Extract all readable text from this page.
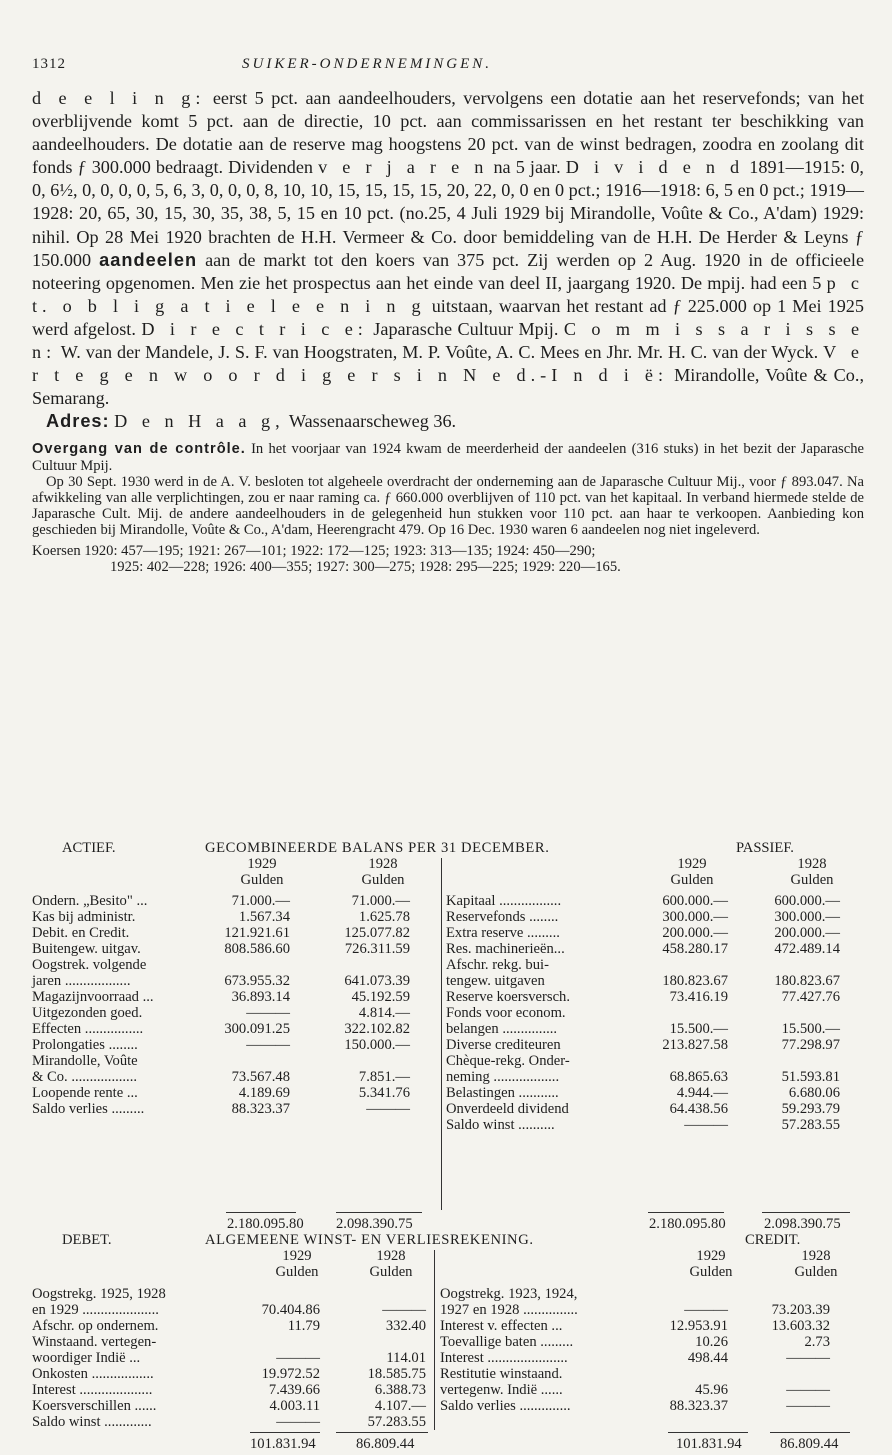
1312	SUIKER-ONDERNEMINGEN.

d e e l i n g: eerst 5 pct. aan aandeelhouders, vervolgens een dotatie aan het reservefonds; van het overblijvende komt 5 pct. aan de directie, 10 pct. aan commissarissen en het restant ter beschikking van aandeelhouders. De dotatie aan de reserve mag hoogstens 20 pct. van de winst bedragen, zoodra en zoolang dit fonds ƒ 300.000 bedraagt. Dividenden v e r j a r e n na 5 jaar. D i v i d e n d 1891—1915: 0, 0, 6½, 0, 0, 0, 0, 5, 6, 3, 0, 0, 0, 8, 10, 10, 15, 15, 15, 15, 20, 22, 0, 0 en 0 pct.; 1916—1918: 6, 5 en 0 pct.; 1919—1928: 20, 65, 30, 15, 30, 35, 38, 5, 15 en 10 pct. (no.25, 4 Juli 1929 bij Mirandolle, Voûte & Co., A'dam) 1929: nihil. Op 28 Mei 1920 brachten de H.H. Vermeer & Co. door bemiddeling van de H.H. De Herder & Leyns ƒ 150.000 aandeelen aan de markt tot den koers van 375 pct. Zij werden op 2 Aug. 1920 in de officieele noteering opgenomen. Men zie het prospectus aan het einde van deel II, jaargang 1920. De mpij. had een 5 p c t. o b l i g a t i e l e e n i n g uitstaan, waarvan het restant ad ƒ 225.000 op 1 Mei 1925 werd afgelost. D i r e c t r i c e: Japarasche Cultuur Mpij. C o m m i s s a r i s s e n: W. van der Mandele, J. S. F. van Hoogstraten, M. P. Voûte, A. C. Mees en Jhr. Mr. H. C. van der Wyck. V e r t e g e n w o o r d i g e r s i n N e d.-I n d i ë: Mirandolle, Voûte & Co., Semarang.

Adres: D e n H a a g, Wassenaarscheweg 36.

Overgang van de contrôle. In het voorjaar van 1924 kwam de meerderheid der aandeelen (316 stuks) in het bezit der Japarasche Cultuur Mpij.

Op 30 Sept. 1930 werd in de A. V. besloten tot algeheele overdracht der onderneming aan de Japarasche Cultuur Mij., voor ƒ 893.047. Na afwikkeling van alle verplichtingen, zou er naar raming ca. ƒ 660.000 overblijven of 110 pct. van het kapitaal. In verband hiermede stelde de Japarasche Cult. Mij. de andere aandeelhouders in de gelegenheid hun stukken voor 110 pct. aan haar te verkoopen. Aanbieding kon geschieden bij Mirandolle, Voûte & Co., A'dam, Heerengracht 479. Op 16 Dec. 1930 waren 6 aandeelen nog niet ingeleverd.

Koersen 1920: 457—195; 1921: 267—101; 1922: 172—125; 1923: 313—135; 1924: 450—290;
1925: 402—228; 1926: 400—355; 1927: 300—275; 1928: 295—225; 1929: 220—165.
ACTIEF.	GECOMBINEERDE BALANS PER 31 DECEMBER.	PASSIEF.
1929
Gulden
1928
Gulden
1929
Gulden
1928
Gulden
Ondern. „Besito" ...	71.000.—	71.000.—
Kas bij administr.	1.567.34	1.625.78
Debit. en Credit.	121.921.61	125.077.82
Buitengew. uitgav.	808.586.60	726.311.59
Oogstrek. volgende
jaren ..................	673.955.32	641.073.39
Magazijnvoorraad ...	36.893.14	45.192.59
Uitgezonden goed.	———	4.814.—
Effecten ................	300.091.25	322.102.82
Prolongaties ........	———	150.000.—
Mirandolle, Voûte
& Co. ..................	73.567.48	7.851.—
Loopende rente ...	4.189.69	5.341.76
Saldo verlies .........	88.323.37	———
Kapitaal .................	600.000.—	600.000.—
Reservefonds ........	300.000.—	300.000.—
Extra reserve .........	200.000.—	200.000.—
Res. machinerieën...	458.280.17	472.489.14
Afschr. rekg. bui-
tengew. uitgaven	180.823.67	180.823.67
Reserve koersversch.	73.416.19	77.427.76
Fonds voor econom.
belangen ...............	15.500.—	15.500.—
Diverse crediteuren	213.827.58	77.298.97
Chèque-rekg. Onder-
neming ..................	68.865.63	51.593.81
Belastingen ...........	4.944.—	6.680.06
Onverdeeld dividend	64.438.56	59.293.79
Saldo winst ..........	———	57.283.55
2.180.095.80 2.098.390.75	2.180.095.80	2.098.390.75
DEBET.	ALGEMEENE WINST- EN VERLIESREKENING.	CREDIT.
1929
Gulden
1928
Gulden
1929
Gulden
1928
Gulden
Oogstrekg. 1925, 1928
en 1929 .....................	70.404.86	———
Afschr. op ondernem.	11.79	332.40
Winstaand. vertegen-
woordiger Indië ...	———	114.01
Onkosten .................	19.972.52	18.585.75
Interest ....................	7.439.66	6.388.73
Koersverschillen ......	4.003.11	4.107.—
Saldo winst .............	———	57.283.55
Oogstrekg. 1923, 1924,
1927 en 1928 ...............	———	73.203.39
Interest v. effecten ...	12.953.91	13.603.32
Toevallige baten .........	10.26	2.73
Interest ......................	498.44	———
Restitutie winstaand.
vertegenw. Indië ......	45.96	———
Saldo verlies ..............	88.323.37	———
101.831.94	86.809.44	101.831.94	86.809.44
